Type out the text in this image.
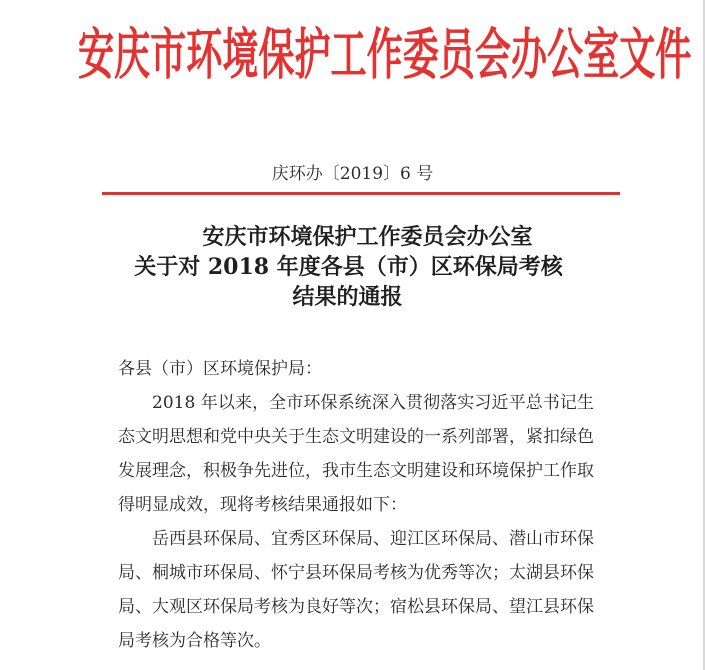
安庆市环境保护工作委员会办公室文件
庆环办〔2019〕6 号
安庆市环境保护工作委员会办公室
关于对 2018 年度各县（市）区环保局考核
结果的通报

各县（市）区环境保护局：

2018 年以来，全市环保系统深入贯彻落实习近平总书记生态文明思想和党中央关于生态文明建设的一系列部署，紧扣绿色发展理念，积极争先进位，我市生态文明建设和环境保护工作取得明显成效，现将考核结果通报如下：

岳西县环保局、宜秀区环保局、迎江区环保局、潜山市环保局、桐城市环保局、怀宁县环保局考核为优秀等次；太湖县环保局、大观区环保局考核为良好等次；宿松县环保局、望江县环保局考核为合格等次。
